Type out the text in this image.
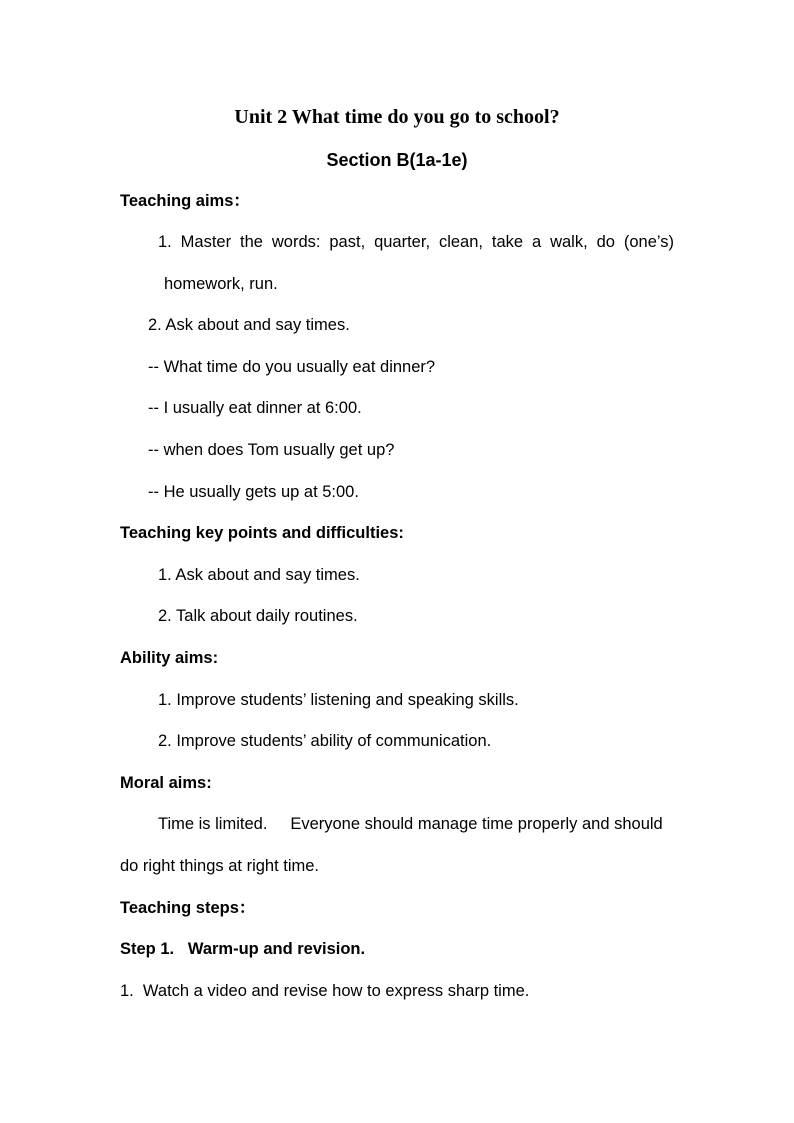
Unit 2 What time do you go to school?
Section B(1a-1e)
Teaching aims：
1. Master the words: past, quarter, clean, take a walk, do (one’s)
homework, run.
2. Ask about and say times.
-- What time do you usually eat dinner?
-- I usually eat dinner at 6:00.
-- when does Tom usually get up?
-- He usually gets up at 5:00.
Teaching key points and difficulties:
1. Ask about and say times.
2. Talk about daily routines.
Ability aims:
1. Improve students’ listening and speaking skills.
2. Improve students’ ability of communication.
Moral aims:
Time is limited.     Everyone should manage time properly and should
do right things at right time.
Teaching steps：
Step 1.   Warm-up and revision.
1.  Watch a video and revise how to express sharp time.
